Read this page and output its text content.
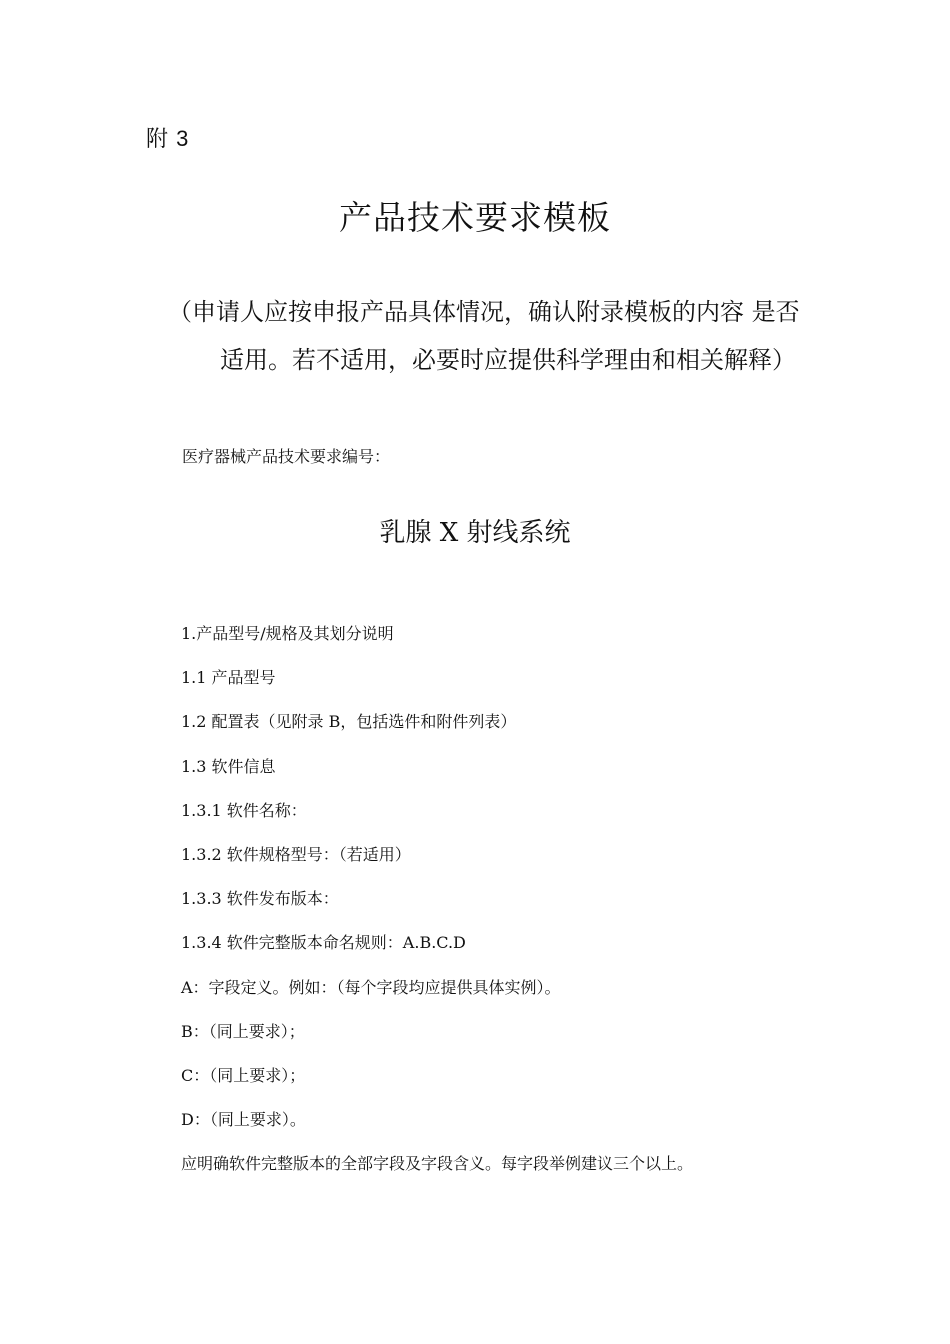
附 3
产品技术要求模板
（申请人应按申报产品具体情况，确认附录模板的内容 是否
适用。若不适用，必要时应提供科学理由和相关解释）
医疗器械产品技术要求编号：
乳腺 X 射线系统
1.产品型号/规格及其划分说明
1.1 产品型号
1.2 配置表（见附录 B，包括选件和附件列表）
1.3 软件信息
1.3.1 软件名称：
1.3.2 软件规格型号：（若适用）
1.3.3 软件发布版本：
1.3.4 软件完整版本命名规则：A.B.C.D
A：字段定义。例如：（每个字段均应提供具体实例）。
B：（同上要求）；
C：（同上要求）；
D：（同上要求）。
应明确软件完整版本的全部字段及字段含义。每字段举例建议三个以上。
